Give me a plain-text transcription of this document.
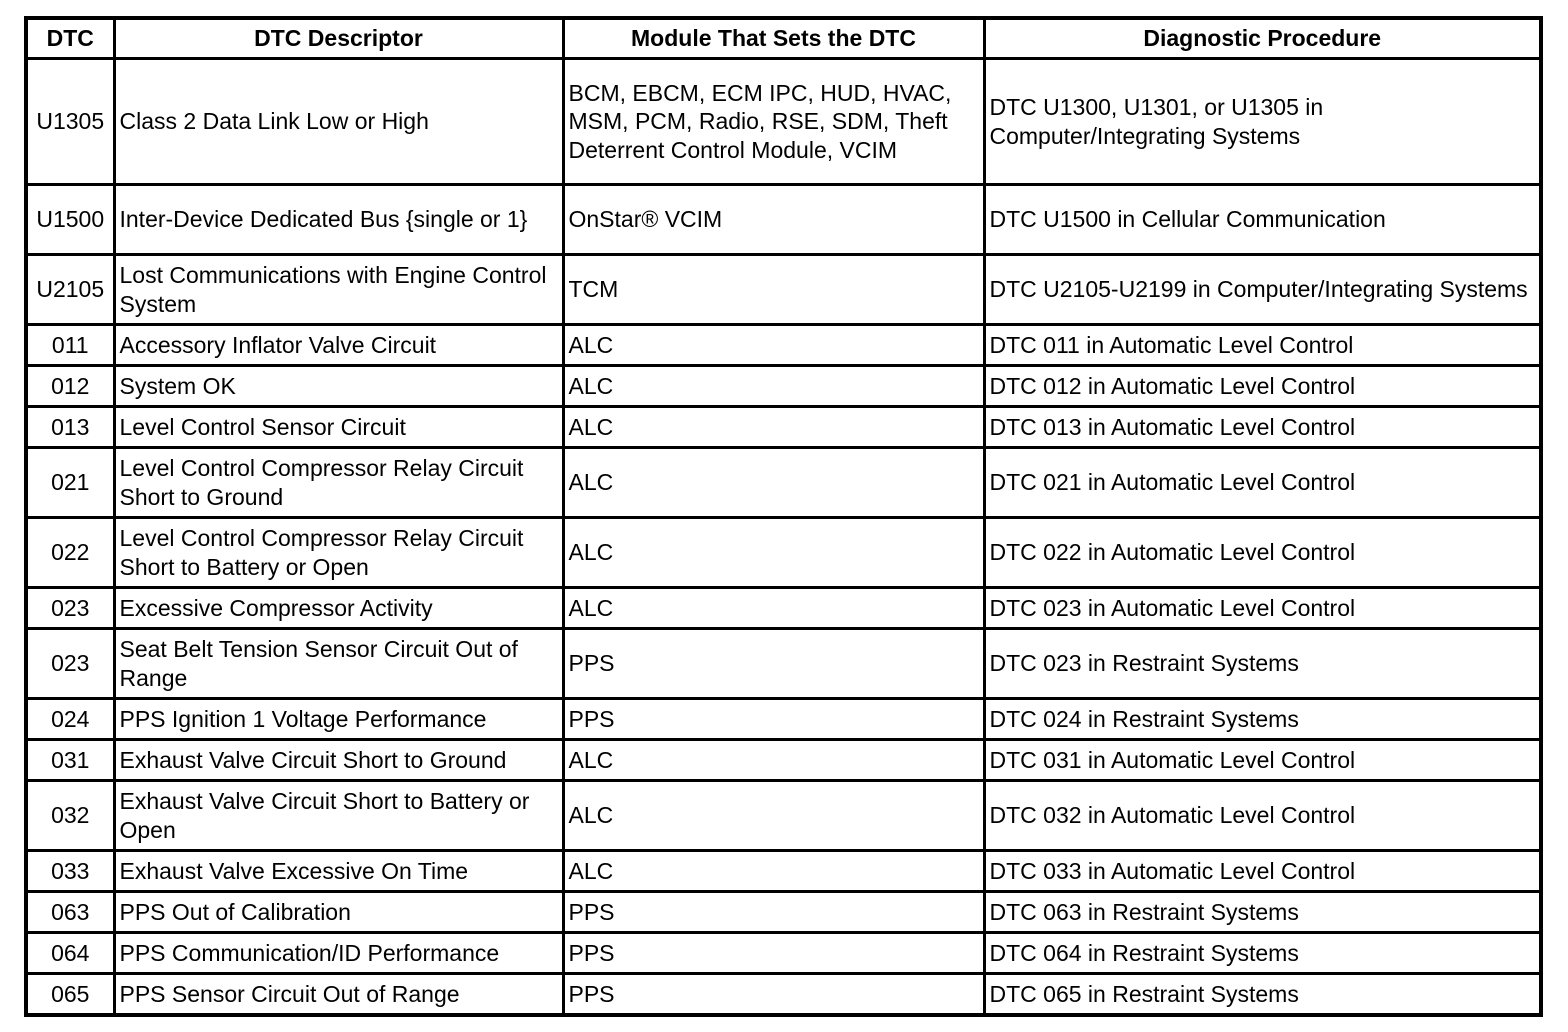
DTC	DTC Descriptor	Module That Sets the DTC	Diagnostic Procedure
U1305	Class 2 Data Link Low or High	BCM, EBCM, ECM IPC, HUD, HVAC, MSM, PCM, Radio, RSE, SDM, Theft Deterrent Control Module, VCIM	DTC U1300, U1301, or U1305 in Computer/Integrating Systems
U1500	Inter-Device Dedicated Bus {single or 1}	OnStar® VCIM	DTC U1500 in Cellular Communication
U2105	Lost Communications with Engine Control System	TCM	DTC U2105-U2199 in Computer/Integrating Systems
011	Accessory Inflator Valve Circuit	ALC	DTC 011 in Automatic Level Control
012	System OK	ALC	DTC 012 in Automatic Level Control
013	Level Control Sensor Circuit	ALC	DTC 013 in Automatic Level Control
021	Level Control Compressor Relay Circuit Short to Ground	ALC	DTC 021 in Automatic Level Control
022	Level Control Compressor Relay Circuit Short to Battery or Open	ALC	DTC 022 in Automatic Level Control
023	Excessive Compressor Activity	ALC	DTC 023 in Automatic Level Control
023	Seat Belt Tension Sensor Circuit Out of Range	PPS	DTC 023 in Restraint Systems
024	PPS Ignition 1 Voltage Performance	PPS	DTC 024 in Restraint Systems
031	Exhaust Valve Circuit Short to Ground	ALC	DTC 031 in Automatic Level Control
032	Exhaust Valve Circuit Short to Battery or Open	ALC	DTC 032 in Automatic Level Control
033	Exhaust Valve Excessive On Time	ALC	DTC 033 in Automatic Level Control
063	PPS Out of Calibration	PPS	DTC 063 in Restraint Systems
064	PPS Communication/ID Performance	PPS	DTC 064 in Restraint Systems
065	PPS Sensor Circuit Out of Range	PPS	DTC 065 in Restraint Systems
